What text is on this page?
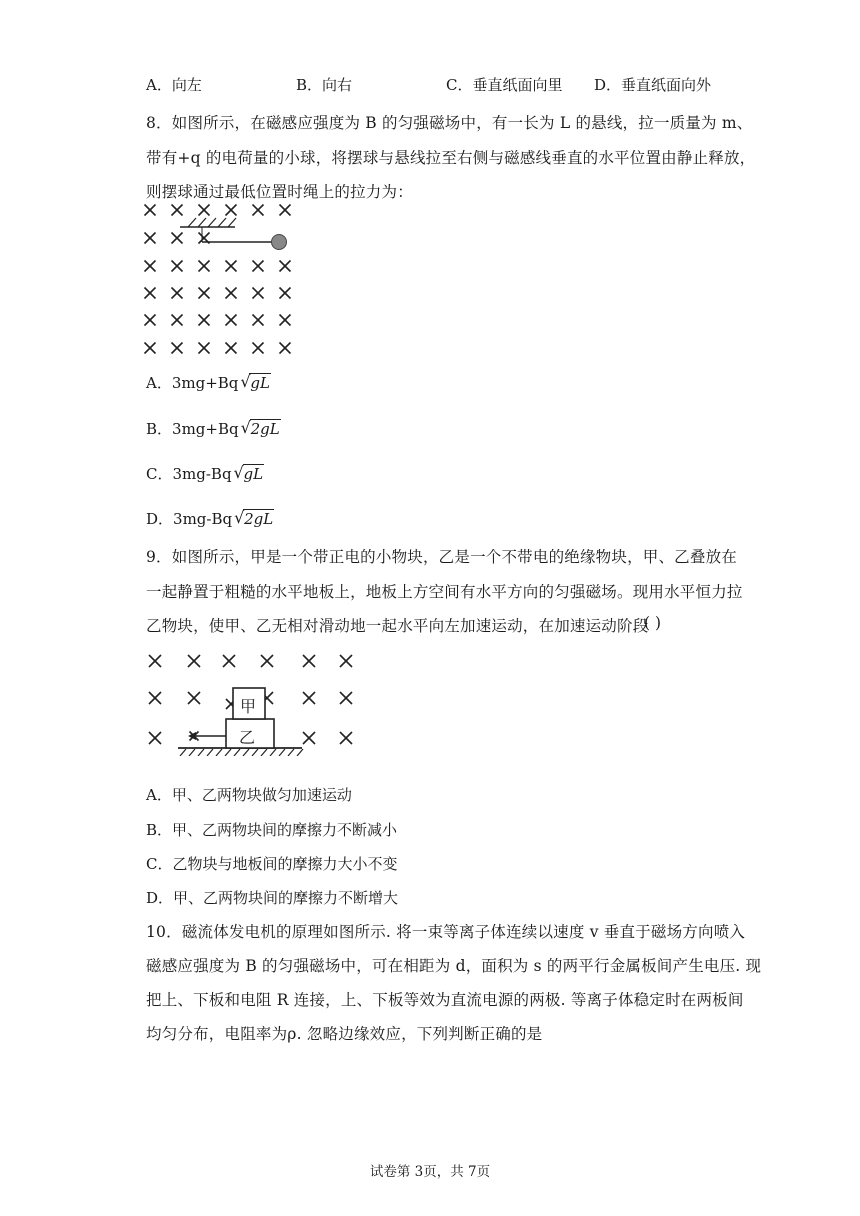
A．向左	B．向右	C．垂直纸面向里 D．垂直纸面向外
8．如图所示，在磁感应强度为 B 的匀强磁场中，有一长为 L 的悬线，拉一质量为 m、
带有+q 的电荷量的小球，将摆球与悬线拉至右侧与磁感线垂直的水平位置由静止释放，
则摆球通过最低位置时绳上的拉力为：
A．3mg+Bq √ gL
B．3mg+Bq √ 2gL
C．3mg-Bq √ gL
D．3mg-Bq √ 2gL
9．如图所示，甲是一个带正电的小物块，乙是一个不带电的绝缘物块，甲、乙叠放在
一起静置于粗糙的水平地板上，地板上方空间有水平方向的匀强磁场。现用水平恒力拉
乙物块，使甲、乙无相对滑动地一起水平向左加速运动，在加速运动阶段
( )
甲
乙
A．甲、乙两物块做匀加速运动
B．甲、乙两物块间的摩擦力不断减小
C．乙物块与地板间的摩擦力大小不变
D．甲、乙两物块间的摩擦力不断增大
10．磁流体发电机的原理如图所示. 将一束等离子体连续以速度 v 垂直于磁场方向喷入
磁感应强度为 B 的匀强磁场中，可在相距为 d，面积为 s 的两平行金属板间产生电压. 现
把上、下板和电阻 R 连接，上、下板等效为直流电源的两极. 等离子体稳定时在两板间
均匀分布，电阻率为ρ. 忽略边缘效应，下列判断正确的是
试卷第 3页，共 7页
